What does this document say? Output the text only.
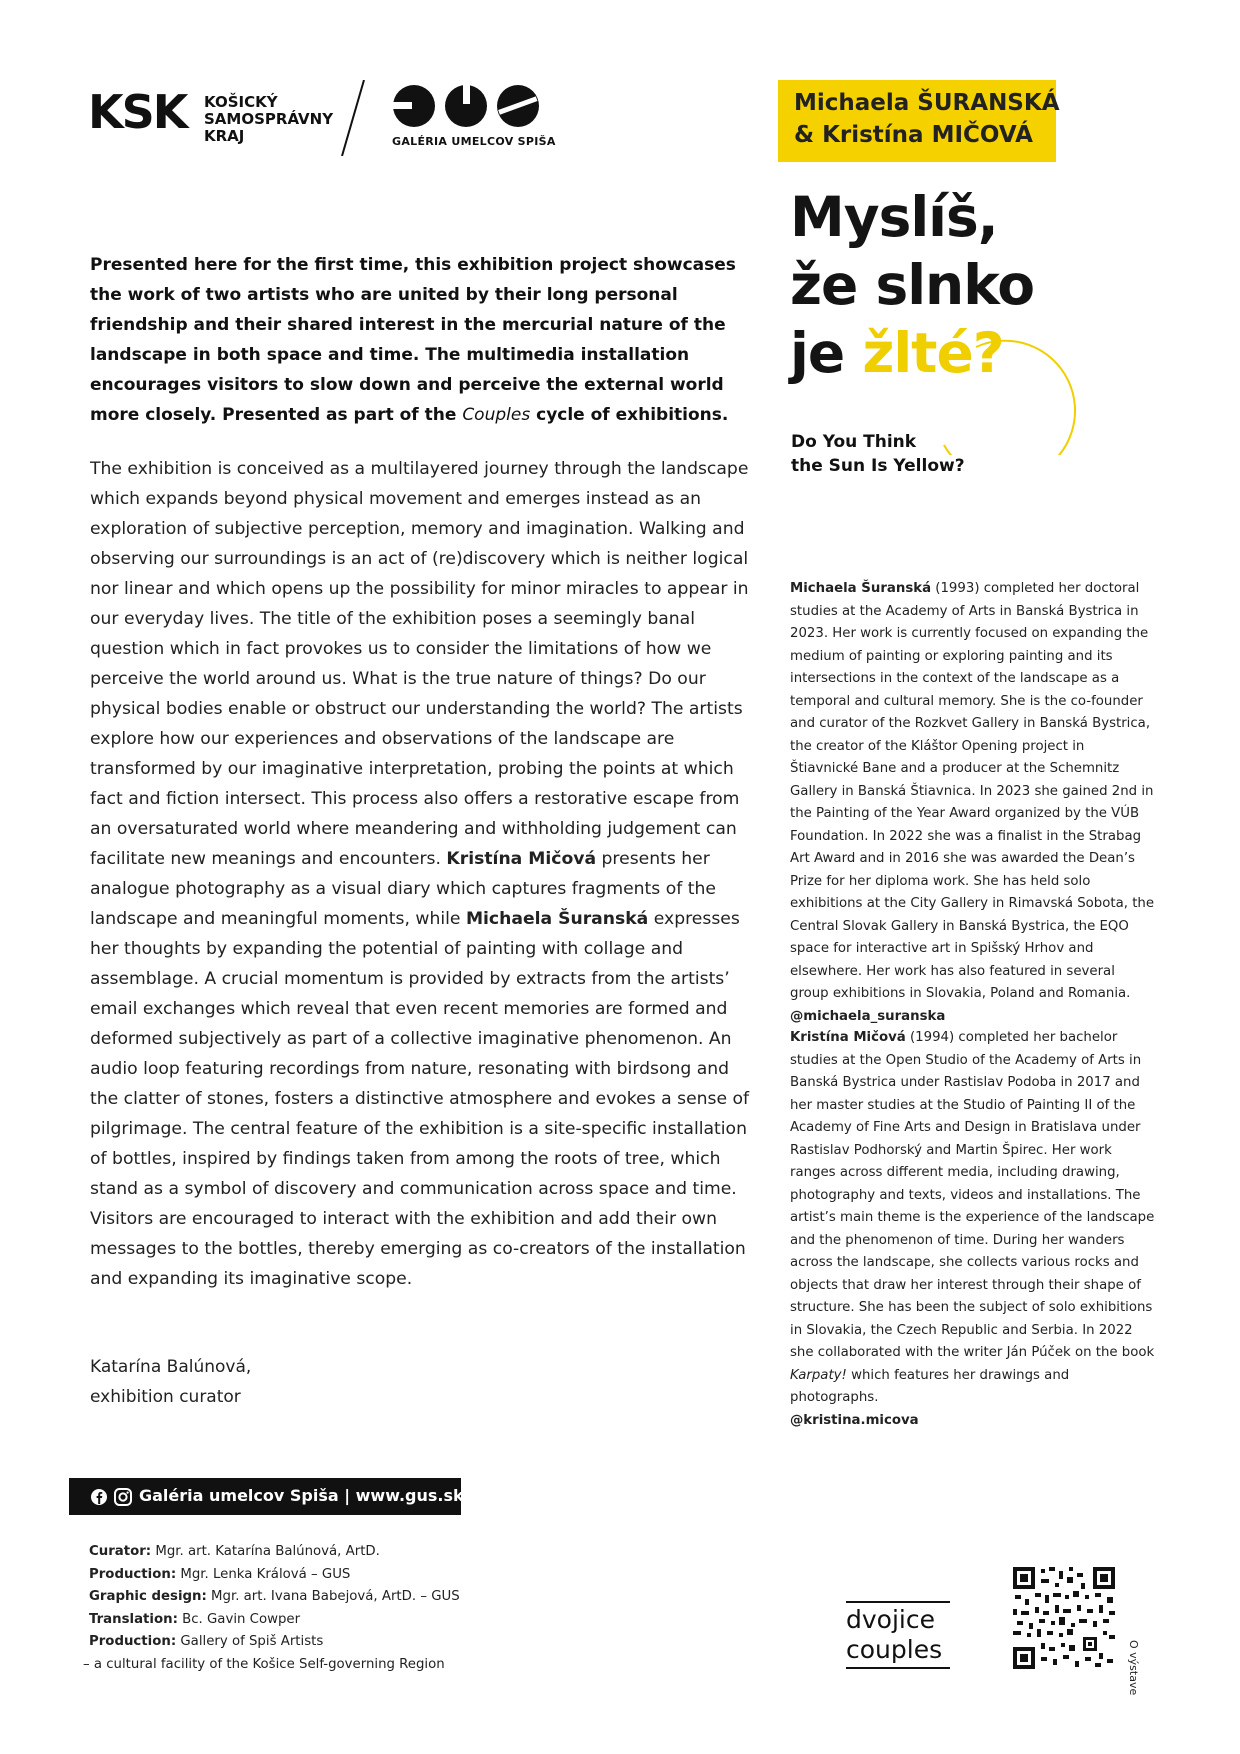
KSK KOŠICKÝ
SAMOSPRÁVNY
KRAJ	GALÉRIA UMELCOV SPIŠA
Michaela ŠURANSKÁ
& Kristína MIČOVÁ
Myslíš,
že slnko
je žlté?
Do You Think
the Sun Is Yellow?

Presented here for the first time, this exhibition project showcases the work of two artists who are united by their long personal friendship and their shared interest in the mercurial nature of the landscape in both space and time. The multimedia installation encourages visitors to slow down and perceive the external world more closely. Presented as part of the Couples cycle of exhibitions.

The exhibition is conceived as a multilayered journey through the landscape which expands beyond physical movement and emerges instead as an exploration of subjective perception, memory and imagination. Walking and observing our surroundings is an act of (re)discovery which is neither logical nor linear and which opens up the possibility for minor miracles to appear in our everyday lives. The title of the exhibition poses a seemingly banal question which in fact provokes us to consider the limitations of how we perceive the world around us. What is the true nature of things? Do our physical bodies enable or obstruct our understanding the world? The artists explore how our experiences and observations of the landscape are transformed by our imaginative interpretation, probing the points at which fact and fiction intersect. This process also offers a restorative escape from an oversaturated world where meandering and withholding judgement can facilitate new meanings and encounters. Kristína Mičová presents her analogue photography as a visual diary which captures fragments of the landscape and meaningful moments, while Michaela Šuranská expresses her thoughts by expanding the potential of painting with collage and assemblage. A crucial momentum is provided by extracts from the artists’ email exchanges which reveal that even recent memories are formed and deformed subjectively as part of a collective imaginative phenomenon. An audio loop featuring recordings from nature, resonating with birdsong and the clatter of stones, fosters a distinctive atmosphere and evokes a sense of pilgrimage. The central feature of the exhibition is a site-specific installation of bottles, inspired by findings taken from among the roots of tree, which stand as a symbol of discovery and communication across space and time. Visitors are encouraged to interact with the exhibition and add their own messages to the bottles, thereby emerging as co-creators of the installation and expanding its imaginative scope.

Katarína Balúnová,
exhibition curator

Michaela Šuranská (1993) completed her doctoral studies at the Academy of Arts in Banská Bystrica in 2023. Her work is currently focused on expanding the medium of painting or exploring painting and its intersections in the context of the landscape as a temporal and cultural memory. She is the co-founder and curator of the Rozkvet Gallery in Banská Bystrica, the creator of the Kláštor Opening project in Štiavnické Bane and a producer at the Schemnitz Gallery in Banská Štiavnica. In 2023 she gained 2nd in the Painting of the Year Award organized by the VÚB Foundation. In 2022 she was a finalist in the Strabag Art Award and in 2016 she was awarded the Dean’s Prize for her diploma work. She has held solo exhibitions at the City Gallery in Rimavská Sobota, the Central Slovak Gallery in Banská Bystrica, the EQO space for interactive art in Spišský Hrhov and elsewhere. Her work has also featured in several group exhibitions in Slovakia, Poland and Romania.

@michaela_suranska

Kristína Mičová (1994) completed her bachelor studies at the Open Studio of the Academy of Arts in Banská Bystrica under Rastislav Podoba in 2017 and her master studies at the Studio of Painting II of the Academy of Fine Arts and Design in Bratislava under Rastislav Podhorský and Martin Špirec. Her work ranges across different media, including drawing, photography and texts, videos and installations. The artist’s main theme is the experience of the landscape and the phenomenon of time. During her wanders across the landscape, she collects various rocks and objects that draw her interest through their shape of structure. She has been the subject of solo exhibitions in Slovakia, the Czech Republic and Serbia. In 2022 she collaborated with the writer Ján Púček on the book Karpaty! which features her drawings and photographs.

@kristina.micova

Galéria umelcov Spiša | www.gus.sk
Curator: Mgr. art. Katarína Balúnová, ArtD.
Production: Mgr. Lenka Králová – GUS
Graphic design: Mgr. art. Ivana Babejová, ArtD. – GUS
Translation: Bc. Gavin Cowper
Production: Gallery of Spiš Artists
– a cultural facility of the Košice Self-governing Region
dvojice
couples	O výstave
